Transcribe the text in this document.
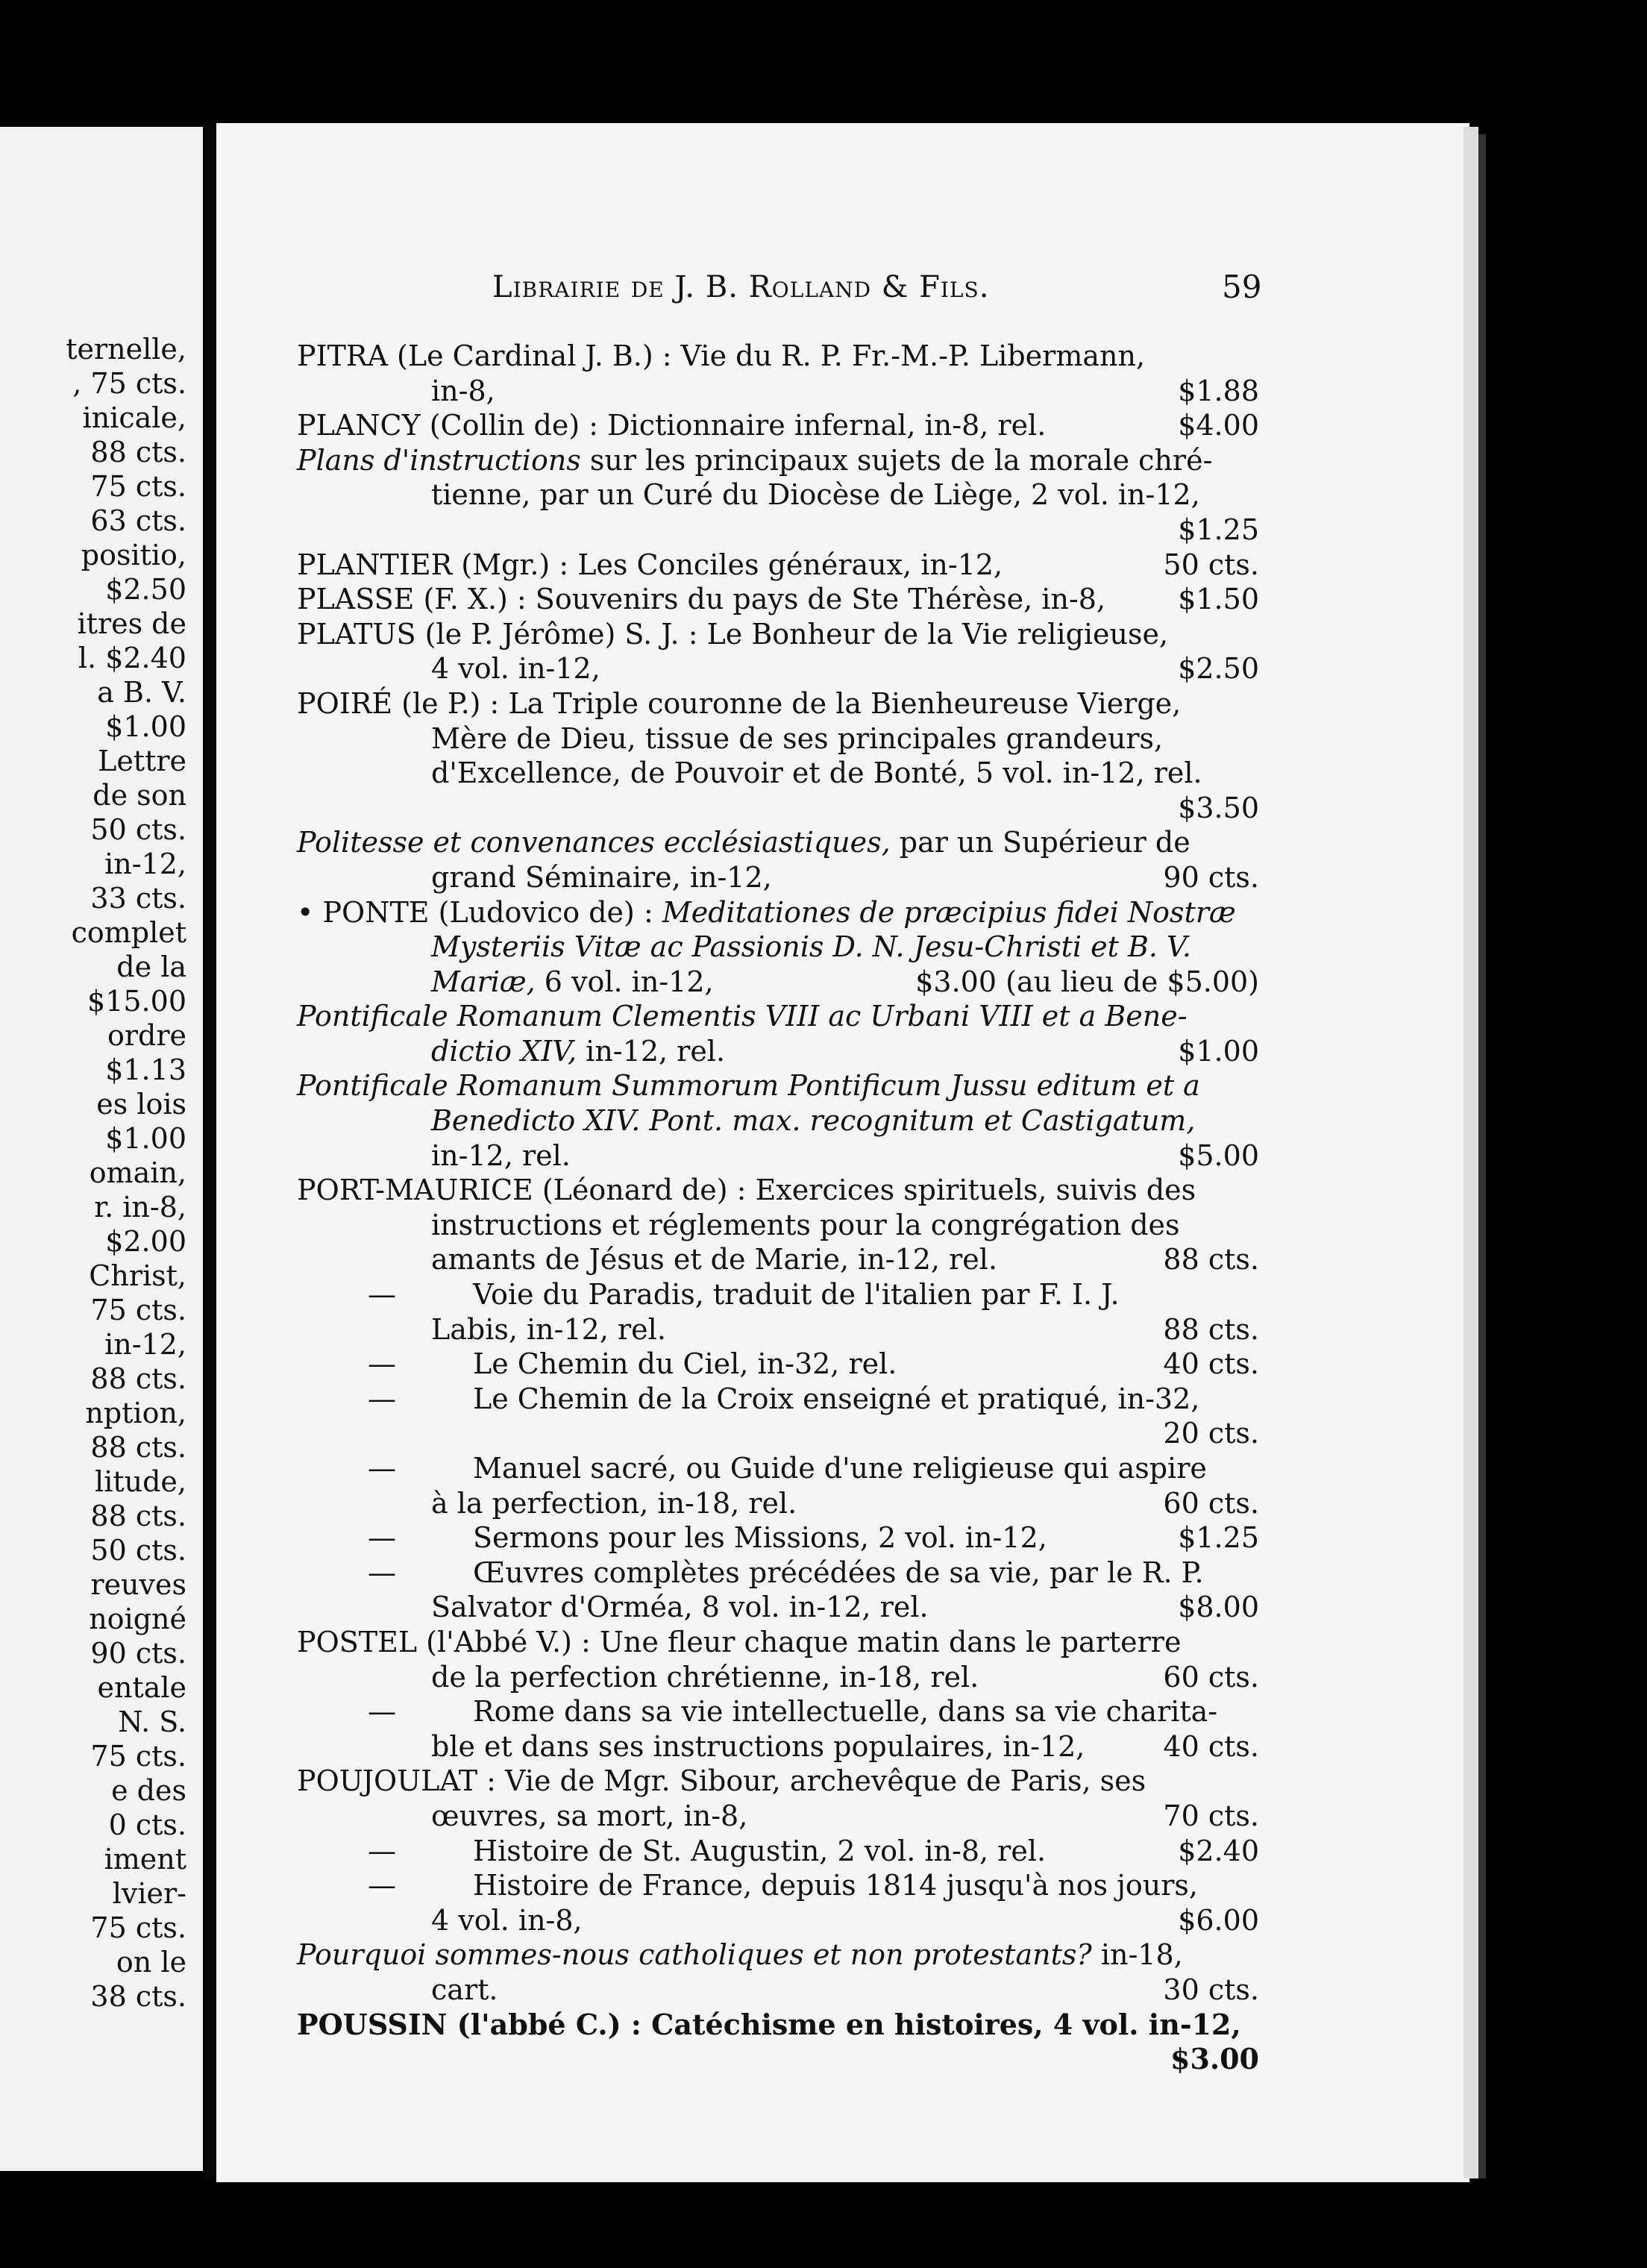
ternelle,
, 75 cts.
inicale,
88 cts.
75 cts.
63 cts.
positio,
$2.50
itres de
l. $2.40
a B. V.
$1.00
Lettre
de son
50 cts.
in-12,
33 cts.
complet
de la
$15.00
ordre
$1.13
es lois
$1.00
omain,
r. in-8,
$2.00
Christ,
75 cts.
in-12,
88 cts.
nption,
88 cts.
litude,
88 cts.
50 cts.
reuves
noigné
90 cts.
entale
N. S.
75 cts.
e des
0 cts.
iment
lvier-
75 cts.
on le
38 cts.
Librairie de J. B. Rolland & Fils.	59
PITRA (Le Cardinal J. B.) : Vie du R. P. Fr.-M.-P. Libermann,
in-8,	$1.88
PLANCY (Collin de) : Dictionnaire infernal, in-8, rel.	$4.00
Plans d'instructions sur les principaux sujets de la morale chré-
tienne, par un Curé du Diocèse de Liège, 2 vol. in-12,
$1.25
PLANTIER (Mgr.) : Les Conciles généraux, in-12,	50 cts.
PLASSE (F. X.) : Souvenirs du pays de Ste Thérèse, in-8,	$1.50
PLATUS (le P. Jérôme) S. J. : Le Bonheur de la Vie religieuse,
4 vol. in-12,	$2.50
POIRÉ (le P.) : La Triple couronne de la Bienheureuse Vierge,
Mère de Dieu, tissue de ses principales grandeurs,
d'Excellence, de Pouvoir et de Bonté, 5 vol. in-12, rel.
$3.50
Politesse et convenances ecclésiastiques, par un Supérieur de
grand Séminaire, in-12,	90 cts.
• PONTE (Ludovico de) : Meditationes de præcipius fidei Nostræ
Mysteriis Vitæ ac Passionis D. N. Jesu-Christi et B. V.
Mariæ, 6 vol. in-12,	$3.00 (au lieu de $5.00)
Pontificale Romanum Clementis VIII ac Urbani VIII et a Bene-
dictio XIV, in-12, rel.	$1.00
Pontificale Romanum Summorum Pontificum Jussu editum et a
Benedicto XIV. Pont. max. recognitum et Castigatum,
in-12, rel.	$5.00
PORT-MAURICE (Léonard de) : Exercices spirituels, suivis des
instructions et réglements pour la congrégation des
amants de Jésus et de Marie, in-12, rel.	88 cts.
—	Voie du Paradis, traduit de l'italien par F. I. J.
Labis, in-12, rel.	88 cts.
—	Le Chemin du Ciel, in-32, rel.	40 cts.
—	Le Chemin de la Croix enseigné et pratiqué, in-32,
20 cts.
—	Manuel sacré, ou Guide d'une religieuse qui aspire
à la perfection, in-18, rel.	60 cts.
—	Sermons pour les Missions, 2 vol. in-12,	$1.25
—	Œuvres complètes précédées de sa vie, par le R. P.
Salvator d'Orméa, 8 vol. in-12, rel.	$8.00
POSTEL (l'Abbé V.) : Une fleur chaque matin dans le parterre
de la perfection chrétienne, in-18, rel.	60 cts.
—	Rome dans sa vie intellectuelle, dans sa vie charita-
ble et dans ses instructions populaires, in-12,	40 cts.
POUJOULAT : Vie de Mgr. Sibour, archevêque de Paris, ses
œuvres, sa mort, in-8,	70 cts.
—	Histoire de St. Augustin, 2 vol. in-8, rel.	$2.40
—	Histoire de France, depuis 1814 jusqu'à nos jours,
4 vol. in-8,	$6.00
Pourquoi sommes-nous catholiques et non protestants? in-18,
cart.	30 cts.
POUSSIN (l'abbé C.) : Catéchisme en histoires, 4 vol. in-12,
$3.00
